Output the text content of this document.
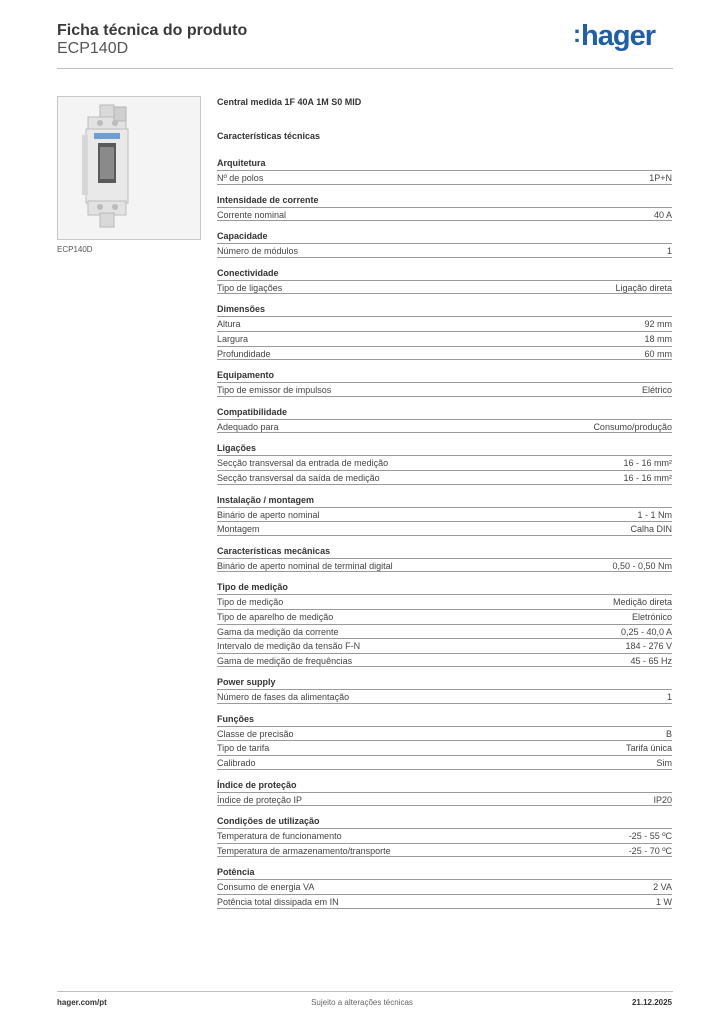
Ficha técnica do produto
ECP140D
:hager
ECP140D
Central medida 1F 40A 1M S0 MID
Características técnicas
Arquitetura
Nº de polos	1P+N
Intensidade de corrente
Corrente nominal	40 A
Capacidade
Número de módulos	1
Conectividade
Tipo de ligações	Ligação direta
Dimensões
Altura	92 mm
Largura	18 mm
Profundidade	60 mm
Equipamento
Tipo de emissor de impulsos	Elétrico
Compatibilidade
Adequado para	Consumo/produção
Ligações
Secção transversal da entrada de medição	16 - 16 mm²
Secção transversal da saída de medição	16 - 16 mm²
Instalação / montagem
Binário de aperto nominal	1 - 1 Nm
Montagem	Calha DIN
Características mecânicas
Binário de aperto nominal de terminal digital	0,50 - 0,50 Nm
Tipo de medição
Tipo de medição	Medição direta
Tipo de aparelho de medição	Eletrónico
Gama da medição da corrente	0,25 - 40,0 A
Intervalo de medição da tensão F-N	184 - 276 V
Gama de medição de frequências	45 - 65 Hz
Power supply
Número de fases da alimentação	1
Funções
Classe de precisão	B
Tipo de tarifa	Tarifa única
Calibrado	Sim
Índice de proteção
Índice de proteção IP	IP20
Condições de utilização
Temperatura de funcionamento	-25 - 55 ºC
Temperatura de armazenamento/transporte	-25 - 70 ºC
Potência
Consumo de energia VA	2 VA
Potência total dissipada em IN	1 W
hager.com/pt	Sujeito a alterações técnicas	21.12.2025
